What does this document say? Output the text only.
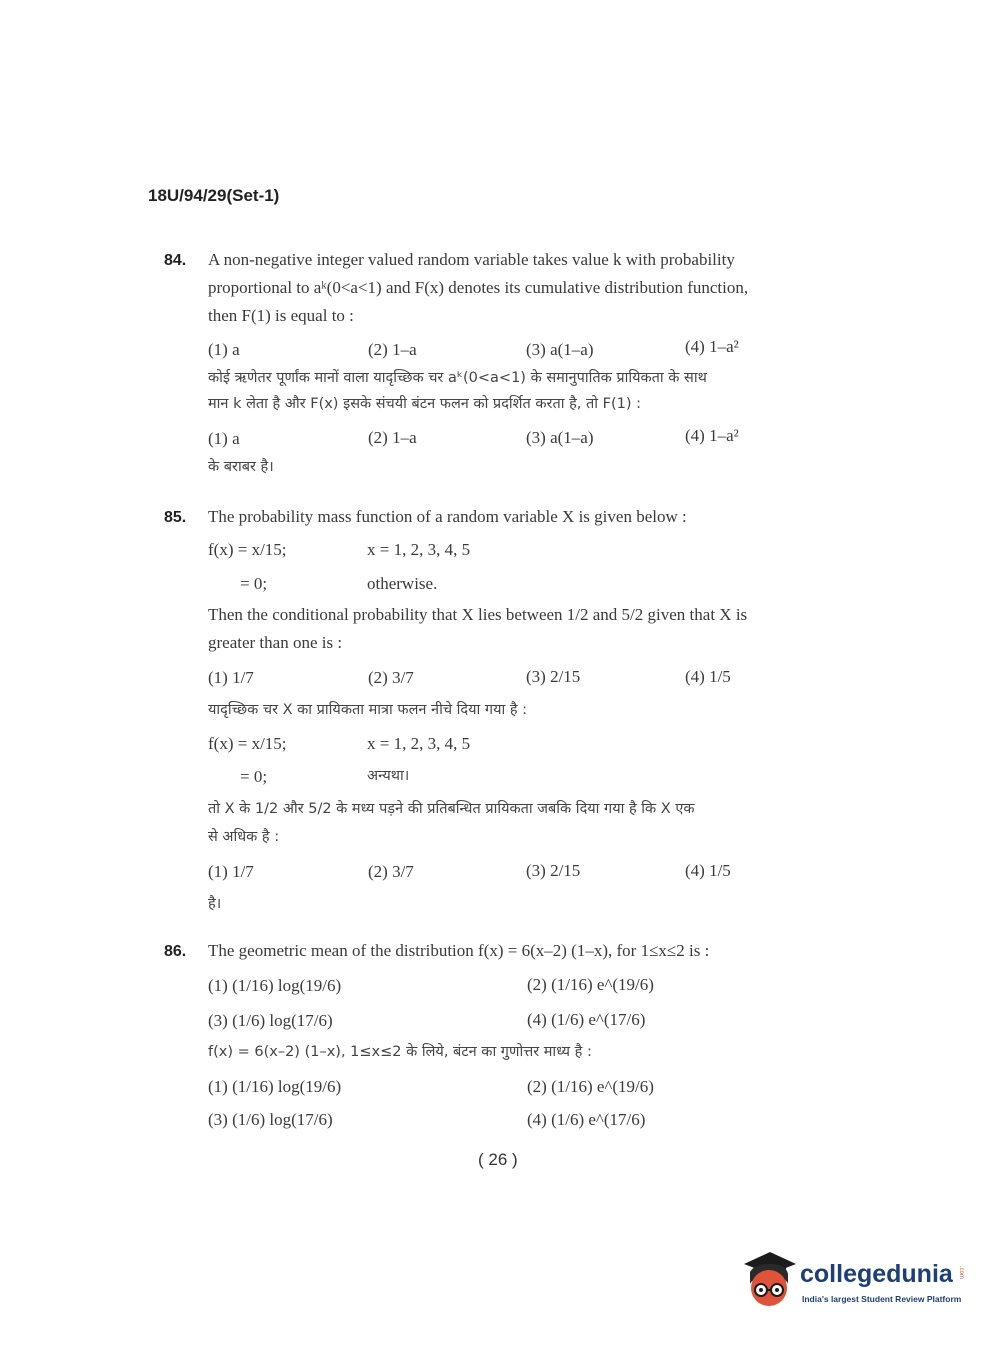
18U/94/29(Set-1)
84. A non-negative integer valued random variable takes value k with probability
proportional to aᵏ(0<a<1) and F(x) denotes its cumulative distribution function,
then F(1) is equal to :
(1) a	(2) 1–a	(3) a(1–a)	(4) 1–a²
कोई ऋणेतर पूर्णांक मानों वाला यादृच्छिक चर aᵏ(0<a<1) के समानुपातिक प्रायिकता के साथ
मान k लेता है और F(x) इसके संचयी बंटन फलन को प्रदर्शित करता है, तो F(1) :
(1) a	(2) 1–a	(3) a(1–a)	(4) 1–a²
के बराबर है।
85. The probability mass function of a random variable X is given below :
f(x) = x/15;	x = 1, 2, 3, 4, 5
= 0;	otherwise.
Then the conditional probability that X lies between 1/2 and 5/2 given that X is
greater than one is :
(1) 1/7	(2) 3/7	(3) 2/15	(4) 1/5
यादृच्छिक चर X का प्रायिकता मात्रा फलन नीचे दिया गया है :
f(x) = x/15;	x = 1, 2, 3, 4, 5
= 0;	अन्यथा।
तो X के 1/2 और 5/2 के मध्य पड़ने की प्रतिबन्धित प्रायिकता जबकि दिया गया है कि X एक
से अधिक है :
(1) 1/7	(2) 3/7	(3) 2/15	(4) 1/5
है।
86. The geometric mean of the distribution f(x) = 6(x–2) (1–x), for 1≤x≤2 is :
(1) (1/16) log(19/6)	(2) (1/16) e^(19/6)
(3) (1/6) log(17/6)	(4) (1/6) e^(17/6)
f(x) = 6(x–2) (1–x), 1≤x≤2 के लिये, बंटन का गुणोत्तर माध्य है :
(1) (1/16) log(19/6)	(2) (1/16) e^(19/6)
(3) (1/6) log(17/6)	(4) (1/6) e^(17/6)
( 26 )
collegedunia .com
India's largest Student Review Platform
